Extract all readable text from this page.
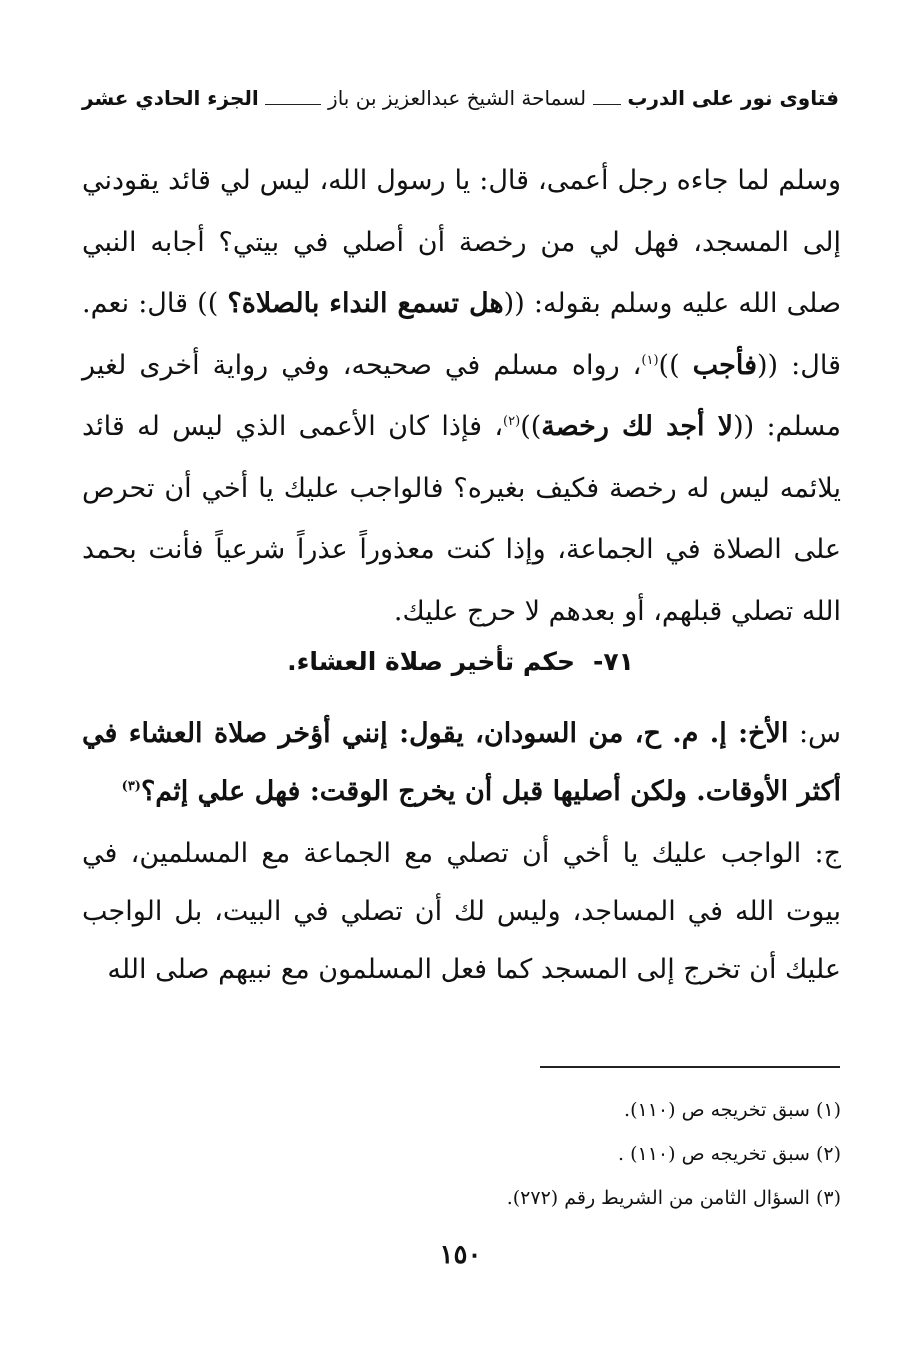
فتاوى نور على الدرب
لسماحة الشيخ عبدالعزيز بن باز
الجزء الحادي عشر

وسلم لما جاءه رجل أعمى، قال: يا رسول الله، ليس لي قائد يقودني إلى المسجد، فهل لي من رخصة أن أصلي في بيتي؟ أجابه النبي صلى الله عليه وسلم بقوله: ((هل تسمع النداء بالصلاة؟ )) قال: نعم. قال: ((فأجب ))$^{(١)}$، رواه مسلم في صحيحه، وفي رواية أخرى لغير مسلم: ((لا أجد لك رخصة))$^{(٢)}$، فإذا كان الأعمى الذي ليس له قائد يلائمه ليس له رخصة فكيف بغيره؟ فالواجب عليك يا أخي أن تحرص على الصلاة في الجماعة، وإذا كنت معذوراً عذراً شرعياً فأنت بحمد الله تصلي قبلهم، أو بعدهم لا حرج عليك.

٧١-حكم تأخير صلاة العشاء.
س: الأخ: إ. م. ح، من السودان، يقول: إنني أؤخر صلاة العشاء في أكثر الأوقات. ولكن أصليها قبل أن يخرج الوقت: فهل علي إثم؟$^{(٣)}$
ج: الواجب عليك يا أخي أن تصلي مع الجماعة مع المسلمين، في بيوت الله في المساجد، وليس لك أن تصلي في البيت، بل الواجب عليك أن تخرج إلى المسجد كما فعل المسلمون مع نبيهم صلى الله
(١) سبق تخريجه ص (١١٠).
(٢) سبق تخريجه ص (١١٠) .
(٣) السؤال الثامن من الشريط رقم (٢٧٢).
١٥٠
